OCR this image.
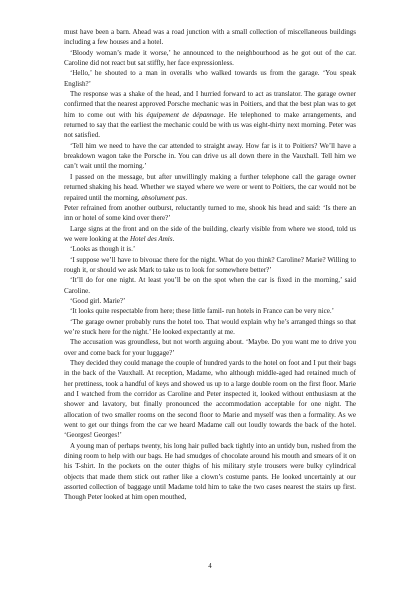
must have been a barn. Ahead was a road junction with a small collection of miscellaneous buildings including a few houses and a hotel.

‘Bloody woman’s made it worse,’ he announced to the neighbourhood as he got out of the car. Caroline did not react but sat stiffly, her face expressionless.

‘Hello,’ he shouted to a man in overalls who walked towards us from the garage. ‘You speak English?’

The response was a shake of the head, and I hurried forward to act as translator. The garage owner confirmed that the nearest approved Porsche mechanic was in Poitiers, and that the best plan was to get him to come out with his équipement de dépannage. He telephoned to make arrangements, and returned to say that the earliest the mechanic could be with us was eight-thirty next morning. Peter was not satisfied.

‘Tell him we need to have the car attended to straight away. How far is it to Poitiers? We’ll have a breakdown wagon take the Porsche in. You can drive us all down there in the Vauxhall. Tell him we can’t wait until the morning.’

I passed on the message, but after unwillingly making a further telephone call the garage owner returned shaking his head. Whether we stayed where we were or went to Poitiers, the car would not be repaired until the morning, absolument pas.

Peter refrained from another outburst, reluctantly turned to me, shook his head and said: ‘Is there an inn or hotel of some kind over there?’

Large signs at the front and on the side of the building, clearly visible from where we stood, told us we were looking at the Hotel des Amis.

‘Looks as though it is.’

‘I suppose we’ll have to bivouac there for the night. What do you think? Caroline? Marie? Willing to rough it, or should we ask Mark to take us to look for somewhere better?’

‘It’ll do for one night. At least you’ll be on the spot when the car is fixed in the morning,’ said Caroline.

‘Good girl. Marie?’

‘It looks quite respectable from here; these little famil- run hotels in France can be very nice.’

‘The garage owner probably runs the hotel too. That would explain why he’s arranged things so that we’re stuck here for the night.’ He looked expectantly at me.

The accusation was groundless, but not worth arguing about. ‘Maybe. Do you want me to drive you over and come back for your luggage?’

They decided they could manage the couple of hundred yards to the hotel on foot and I put their bags in the back of the Vauxhall. At reception, Madame, who although middle-aged had retained much of her prettiness, took a handful of keys and showed us up to a large double room on the first floor. Marie and I watched from the corridor as Caroline and Peter inspected it, looked without enthusiasm at the shower and lavatory, but finally pronounced the accommodation acceptable for one night. The allocation of two smaller rooms on the second floor to Marie and myself was then a formality. As we went to get our things from the car we heard Madame call out loudly towards the back of the hotel. ‘Georges! Georges!’

A young man of perhaps twenty, his long hair pulled back tightly into an untidy bun, rushed from the dining room to help with our bags. He had smudges of chocolate around his mouth and smears of it on his T-shirt. In the pockets on the outer thighs of his military style trousers were bulky cylindrical objects that made them stick out rather like a clown’s costume pants. He looked uncertainly at our assorted collection of baggage until Madame told him to take the two cases nearest the stairs up first. Though Peter looked at him open mouthed,

4
